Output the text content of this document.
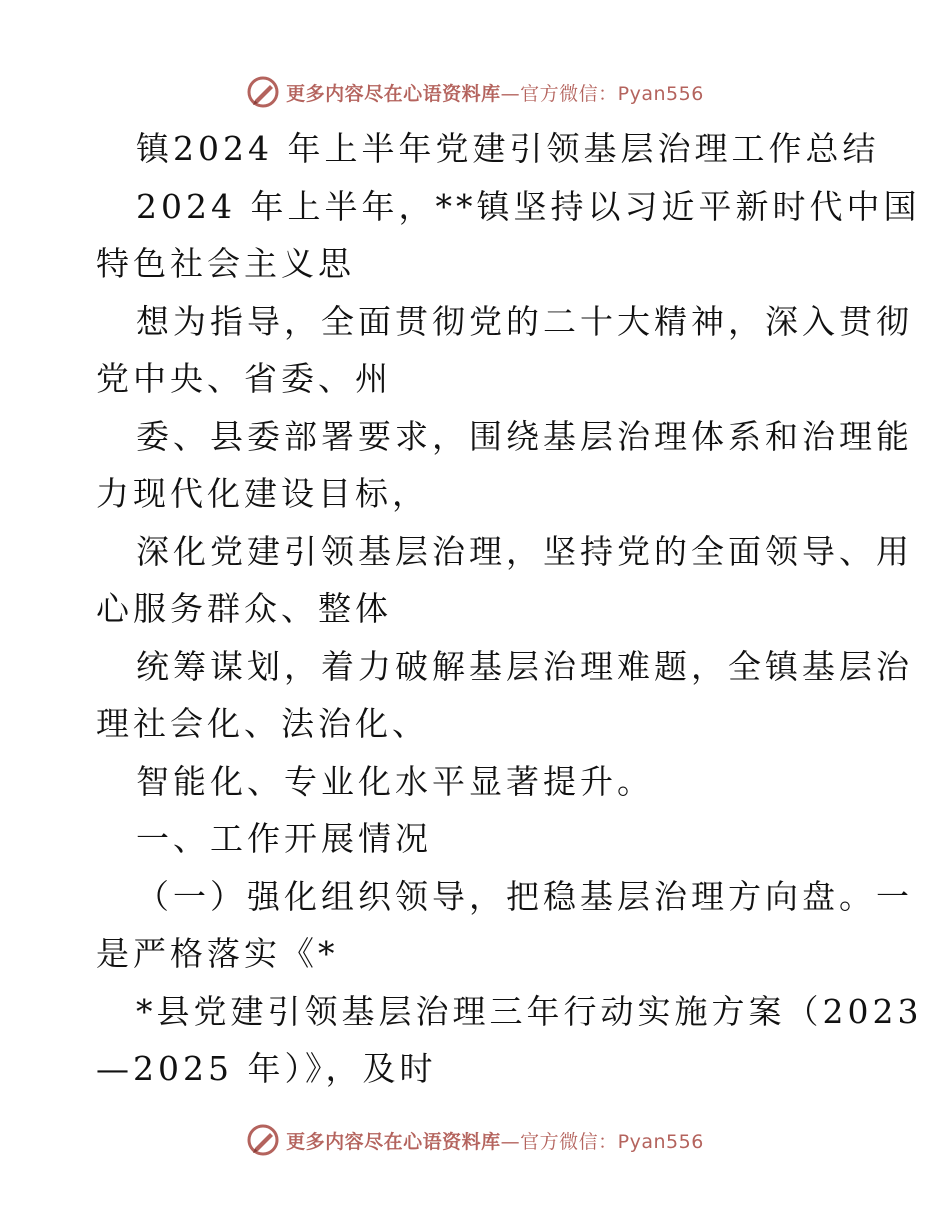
更多内容尽在心语资料库—官方微信：Pyan556
镇2024 年上半年党建引领基层治理工作总结
2024 年上半年，**镇坚持以习近平新时代中国
特色社会主义思
想为指导，全面贯彻党的二十大精神，深入贯彻
党中央、省委、州
委、县委部署要求，围绕基层治理体系和治理能
力现代化建设目标，
深化党建引领基层治理，坚持党的全面领导、用
心服务群众、整体
统筹谋划，着力破解基层治理难题，全镇基层治
理社会化、法治化、
智能化、专业化水平显著提升。
一、工作开展情况
（一）强化组织领导，把稳基层治理方向盘。一
是严格落实《*
*县党建引领基层治理三年行动实施方案（2023
—2025 年）》，及时
更多内容尽在心语资料库—官方微信：Pyan556
